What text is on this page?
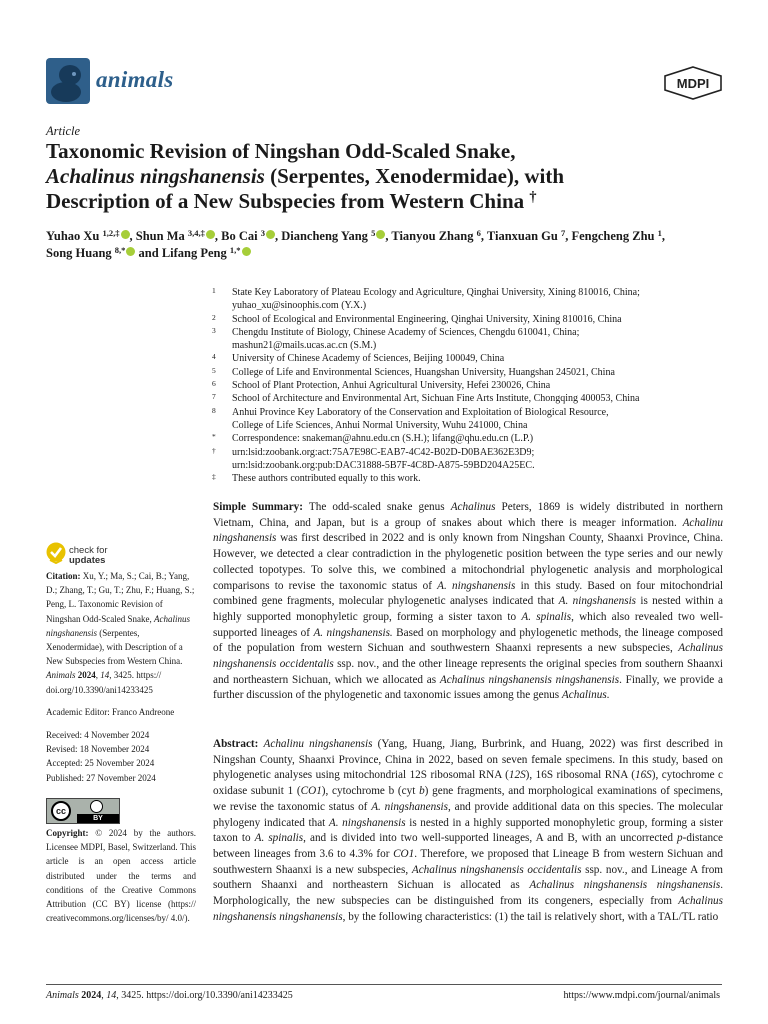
animals	MDPI
Article
Taxonomic Revision of Ningshan Odd-Scaled Snake,
Achalinus ningshanensis (Serpentes, Xenodermidae), with
Description of a New Subspecies from Western China †
Yuhao Xu $^{1,2,\ddagger}$ , Shun Ma $^{3,4,\ddagger}$ , Bo Cai $^3$ , Diancheng Yang $^5$ , Tianyou Zhang $^6$, Tianxuan Gu $^7$, Fengcheng Zhu $^1$,
Song Huang $^{8,*}$ and Lifang Peng $^{1,*}$
1 State Key Laboratory of Plateau Ecology and Agriculture, Qinghai University, Xining 810016, China;
yuhao_xu@sinoophis.com (Y.X.)
2 School of Ecological and Environmental Engineering, Qinghai University, Xining 810016, China
3 Chengdu Institute of Biology, Chinese Academy of Sciences, Chengdu 610041, China;
mashun21@mails.ucas.ac.cn (S.M.)
4 University of Chinese Academy of Sciences, Beijing 100049, China
5 College of Life and Environmental Sciences, Huangshan University, Huangshan 245021, China
6 School of Plant Protection, Anhui Agricultural University, Hefei 230026, China
7 School of Architecture and Environmental Art, Sichuan Fine Arts Institute, Chongqing 400053, China
8 Anhui Province Key Laboratory of the Conservation and Exploitation of Biological Resource,
College of Life Sciences, Anhui Normal University, Wuhu 241000, China
* Correspondence: snakeman@ahnu.edu.cn (S.H.); lifang@qhu.edu.cn (L.P.)
† urn:lsid:zoobank.org:act:75A7E98C-EAB7-4C42-B02D-D0BAE362E3D9;
urn:lsid:zoobank.org:pub:DAC31888-5B7F-4C8D-A875-59BD204A25EC.
‡ These authors contributed equally to this work.
check for
updates
Citation: Xu, Y.; Ma, S.; Cai, B.; Yang, D.; Zhang, T.; Gu, T.; Zhu, F.; Huang, S.; Peng, L. Taxonomic Revision of Ningshan Odd-Scaled Snake, Achalinus ningshanensis (Serpentes, Xenodermidae), with Description of a New Subspecies from Western China. Animals 2024, 14, 3425. https:// doi.org/10.3390/ani14233425
Academic Editor: Franco Andreone
Received: 4 November 2024
Revised: 18 November 2024
Accepted: 25 November 2024
Published: 27 November 2024
cc
BY
Copyright: © 2024 by the authors. Licensee MDPI, Basel, Switzerland. This article is an open access article distributed under the terms and conditions of the Creative Commons Attribution (CC BY) license (https:// creativecommons.org/licenses/by/ 4.0/).
Simple Summary: The odd-scaled snake genus Achalinus Peters, 1869 is widely distributed in northern Vietnam, China, and Japan, but is a group of snakes about which there is meager information. Achalinu ningshanensis was first described in 2022 and is only known from Ningshan County, Shaanxi Province, China. However, we detected a clear contradiction in the phylogenetic position between the type series and our newly collected topotypes. To solve this, we combined a mitochondrial phylogenetic analysis and morphological comparisons to revise the taxonomic status of A. ningshanensis in this study. Based on four mitochondrial combined gene fragments, molecular phylogenetic analyses indicated that A. ningshanensis is nested within a highly supported monophyletic group, forming a sister taxon to A. spinalis, which also revealed two well-supported lineages of A. ningshanensis. Based on morphology and phylogenetic methods, the lineage composed of the population from western Sichuan and southwestern Shaanxi represents a new subspecies, Achalinus ningshanensis occidentalis ssp. nov., and the other lineage represents the original species from southern Shaanxi and northeastern Sichuan, which we allocated as Achalinus ningshanensis ningshanensis. Finally, we provide a further discussion of the phylogenetic and taxonomic issues among the genus Achalinus.
Abstract: Achalinu ningshanensis (Yang, Huang, Jiang, Burbrink, and Huang, 2022) was first described in Ningshan County, Shaanxi Province, China in 2022, based on seven female specimens. In this study, based on phylogenetic analyses using mitochondrial 12S ribosomal RNA (12S), 16S ribosomal RNA (16S), cytochrome c oxidase subunit 1 (CO1), cytochrome b (cyt b) gene fragments, and morphological examinations of specimens, we revise the taxonomic status of A. ningshanensis, and provide additional data on this species. The molecular phylogeny indicated that A. ningshanensis is nested in a highly supported monophyletic group, forming a sister taxon to A. spinalis, and is divided into two well-supported lineages, A and B, with an uncorrected p-distance between lineages from 3.6 to 4.3% for CO1. Therefore, we proposed that Lineage B from western Sichuan and southwestern Shaanxi is a new subspecies, Achalinus ningshanensis occidentalis ssp. nov., and Lineage A from southern Shaanxi and northeastern Sichuan is allocated as Achalinus ningshanensis ningshanensis. Morphologically, the new subspecies can be distinguished from its congeners, especially from Achalinus ningshanensis ningshanensis, by the following characteristics: (1) the tail is relatively short, with a TAL/TL ratio
Animals 2024, 14, 3425. https://doi.org/10.3390/ani14233425	https://www.mdpi.com/journal/animals
